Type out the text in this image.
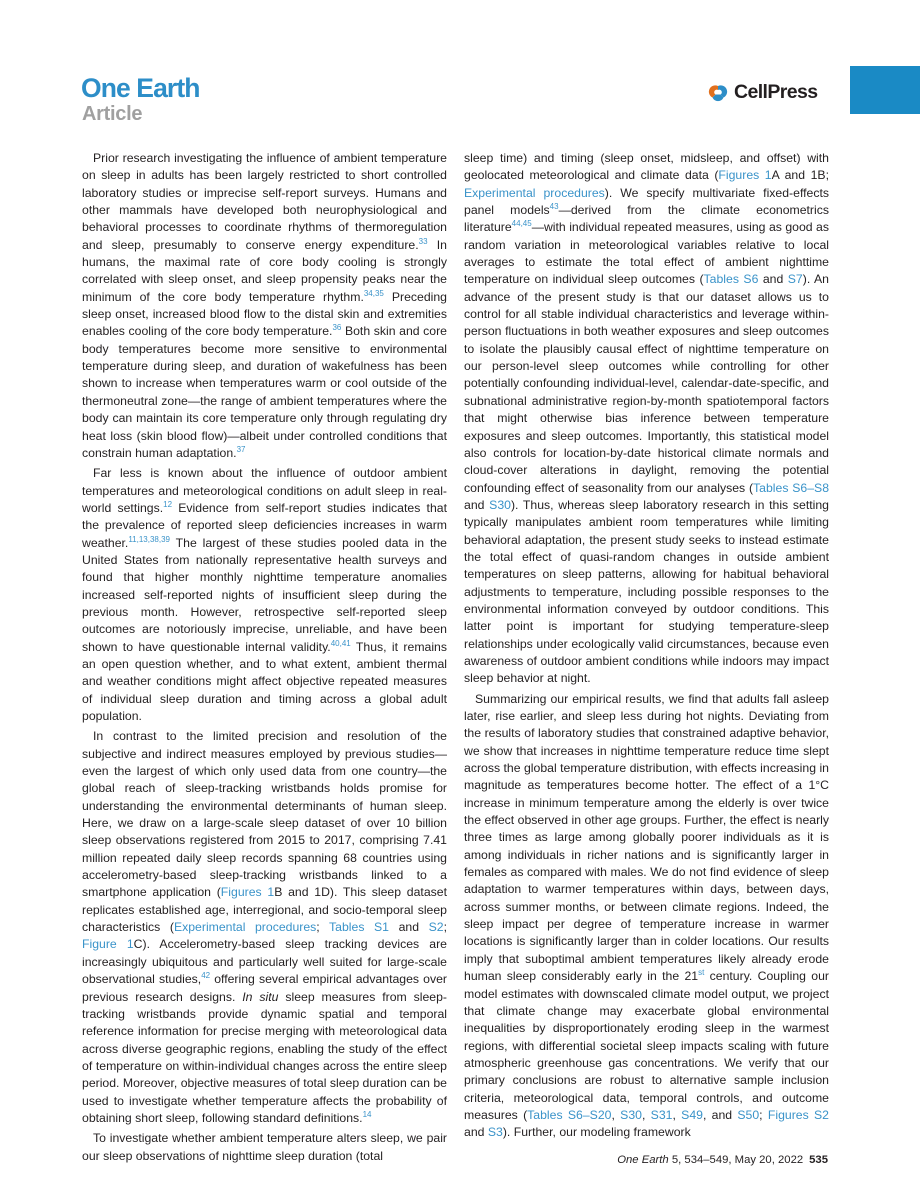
One Earth
Article
CellPress

Prior research investigating the influence of ambient temperature on sleep in adults has been largely restricted to short controlled laboratory studies or imprecise self-report surveys. Humans and other mammals have developed both neurophysiological and behavioral processes to coordinate rhythms of thermoregulation and sleep, presumably to conserve energy expenditure.$^{33}$ In humans, the maximal rate of core body cooling is strongly correlated with sleep onset, and sleep propensity peaks near the minimum of the core body temperature rhythm.$^{34,35}$ Preceding sleep onset, increased blood flow to the distal skin and extremities enables cooling of the core body temperature.$^{36}$ Both skin and core body temperatures become more sensitive to environmental temperature during sleep, and duration of wakefulness has been shown to increase when temperatures warm or cool outside of the thermoneutral zone—the range of ambient temperatures where the body can maintain its core temperature only through regulating dry heat loss (skin blood flow)—albeit under controlled conditions that constrain human adaptation.$^{37}$

Far less is known about the influence of outdoor ambient temperatures and meteorological conditions on adult sleep in real-world settings.$^{12}$ Evidence from self-report studies indicates that the prevalence of reported sleep deficiencies increases in warm weather.$^{11,13,38,39}$ The largest of these studies pooled data in the United States from nationally representative health surveys and found that higher monthly nighttime temperature anomalies increased self-reported nights of insufficient sleep during the previous month. However, retrospective self-reported sleep outcomes are notoriously imprecise, unreliable, and have been shown to have questionable internal validity.$^{40,41}$ Thus, it remains an open question whether, and to what extent, ambient thermal and weather conditions might affect objective repeated measures of individual sleep duration and timing across a global adult population.

In contrast to the limited precision and resolution of the subjective and indirect measures employed by previous studies—even the largest of which only used data from one country—the global reach of sleep-tracking wristbands holds promise for understanding the environmental determinants of human sleep. Here, we draw on a large-scale sleep dataset of over 10 billion sleep observations registered from 2015 to 2017, comprising 7.41 million repeated daily sleep records spanning 68 countries using accelerometry-based sleep-tracking wristbands linked to a smartphone application (Figures 1B and 1D). This sleep dataset replicates established age, interregional, and socio-temporal sleep characteristics (Experimental procedures; Tables S1 and S2; Figure 1C). Accelerometry-based sleep tracking devices are increasingly ubiquitous and particularly well suited for large-scale observational studies,$^{42}$ offering several empirical advantages over previous research designs. In situ sleep measures from sleep-tracking wristbands provide dynamic spatial and temporal reference information for precise merging with meteorological data across diverse geographic regions, enabling the study of the effect of temperature on within-individual changes across the entire sleep period. Moreover, objective measures of total sleep duration can be used to investigate whether temperature affects the probability of obtaining short sleep, following standard definitions.$^{14}$

To investigate whether ambient temperature alters sleep, we pair our sleep observations of nighttime sleep duration (total

sleep time) and timing (sleep onset, midsleep, and offset) with geolocated meteorological and climate data (Figures 1A and 1B; Experimental procedures). We specify multivariate fixed-effects panel models$^{43}$—derived from the climate econometrics literature$^{44,45}$—with individual repeated measures, using as good as random variation in meteorological variables relative to local averages to estimate the total effect of ambient nighttime temperature on individual sleep outcomes (Tables S6 and S7). An advance of the present study is that our dataset allows us to control for all stable individual characteristics and leverage within-person fluctuations in both weather exposures and sleep outcomes to isolate the plausibly causal effect of nighttime temperature on our person-level sleep outcomes while controlling for other potentially confounding individual-level, calendar-date-specific, and subnational administrative region-by-month spatiotemporal factors that might otherwise bias inference between temperature exposures and sleep outcomes. Importantly, this statistical model also controls for location-by-date historical climate normals and cloud-cover alterations in daylight, removing the potential confounding effect of seasonality from our analyses (Tables S6–S8 and S30). Thus, whereas sleep laboratory research in this setting typically manipulates ambient room temperatures while limiting behavioral adaptation, the present study seeks to instead estimate the total effect of quasi-random changes in outside ambient temperatures on sleep patterns, allowing for habitual behavioral adjustments to temperature, including possible responses to the environmental information conveyed by outdoor conditions. This latter point is important for studying temperature-sleep relationships under ecologically valid circumstances, because even awareness of outdoor ambient conditions while indoors may impact sleep behavior at night.

Summarizing our empirical results, we find that adults fall asleep later, rise earlier, and sleep less during hot nights. Deviating from the results of laboratory studies that constrained adaptive behavior, we show that increases in nighttime temperature reduce time slept across the global temperature distribution, with effects increasing in magnitude as temperatures become hotter. The effect of a 1°C increase in minimum temperature among the elderly is over twice the effect observed in other age groups. Further, the effect is nearly three times as large among globally poorer individuals as it is among individuals in richer nations and is significantly larger in females as compared with males. We do not find evidence of sleep adaptation to warmer temperatures within days, between days, across summer months, or between climate regions. Indeed, the sleep impact per degree of temperature increase in warmer locations is significantly larger than in colder locations. Our results imply that suboptimal ambient temperatures likely already erode human sleep considerably early in the 21st century. Coupling our model estimates with downscaled climate model output, we project that climate change may exacerbate global environmental inequalities by disproportionately eroding sleep in the warmest regions, with differential societal sleep impacts scaling with future atmospheric greenhouse gas concentrations. We verify that our primary conclusions are robust to alternative sample inclusion criteria, meteorological data, temporal controls, and outcome measures (Tables S6–S20, S30, S31, S49, and S50; Figures S2 and S3). Further, our modeling framework

One Earth 5, 534–549, May 20, 2022 535
